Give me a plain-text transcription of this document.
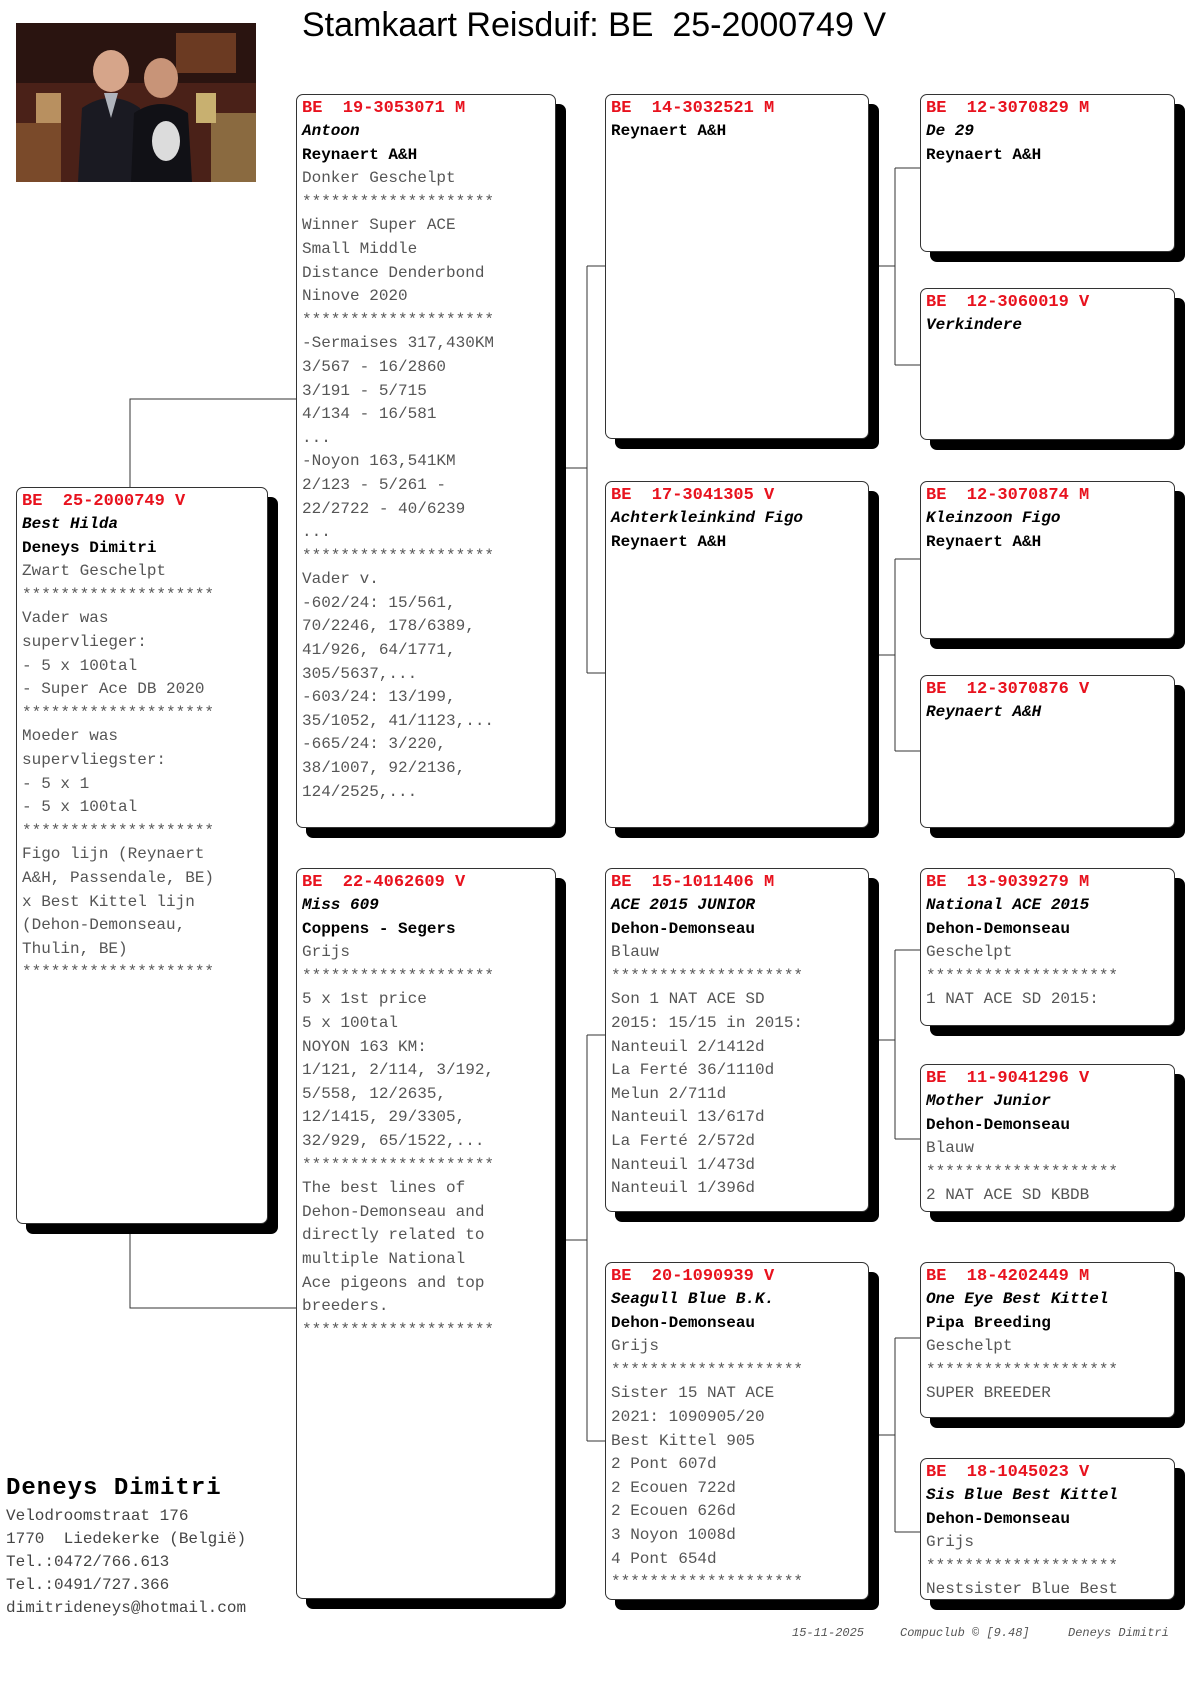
Stamkaart Reisduif: BE  25-2000749 V
BE  25-2000749 V
Best Hilda
Deneys Dimitri
Zwart Geschelpt
********************
Vader was
supervlieger:
- 5 x 100tal
- Super Ace DB 2020
********************
Moeder was
supervliegster:
- 5 x 1
- 5 x 100tal
********************
Figo lijn (Reynaert
A&H, Passendale, BE)
x Best Kittel lijn
(Dehon-Demonseau,
Thulin, BE)
********************
BE  19-3053071 M
Antoon
Reynaert A&H
Donker Geschelpt
********************
Winner Super ACE
Small Middle
Distance Denderbond
Ninove 2020
********************
-Sermaises 317,430KM
3/567 - 16/2860
3/191 - 5/715
4/134 - 16/581
...
-Noyon 163,541KM
2/123 - 5/261 -
22/2722 - 40/6239
...
********************
Vader v.
-602/24: 15/561,
70/2246, 178/6389,
41/926, 64/1771,
305/5637,...
-603/24: 13/199,
35/1052, 41/1123,...
-665/24: 3/220,
38/1007, 92/2136,
124/2525,...
BE  22-4062609 V
Miss 609
Coppens - Segers
Grijs
********************
5 x 1st price
5 x 100tal
NOYON 163 KM:
1/121, 2/114, 3/192,
5/558, 12/2635,
12/1415, 29/3305,
32/929, 65/1522,...
********************
The best lines of
Dehon-Demonseau and
directly related to
multiple National
Ace pigeons and top
breeders.
********************
BE  14-3032521 M
Reynaert A&H
BE  17-3041305 V
Achterkleinkind Figo
Reynaert A&H
BE  15-1011406 M
ACE 2015 JUNIOR
Dehon-Demonseau
Blauw
********************
Son 1 NAT ACE SD
2015: 15/15 in 2015:
Nanteuil 2/1412d
La Ferté 36/1110d
Melun 2/711d
Nanteuil 13/617d
La Ferté 2/572d
Nanteuil 1/473d
Nanteuil 1/396d
BE  20-1090939 V
Seagull Blue B.K.
Dehon-Demonseau
Grijs
********************
Sister 15 NAT ACE
2021: 1090905/20
Best Kittel 905
2 Pont 607d
2 Ecouen 722d
2 Ecouen 626d
3 Noyon 1008d
4 Pont 654d
********************
BE  12-3070829 M
De 29
Reynaert A&H
BE  12-3060019 V
Verkindere
BE  12-3070874 M
Kleinzoon Figo
Reynaert A&H
BE  12-3070876 V
Reynaert A&H
BE  13-9039279 M
National ACE 2015
Dehon-Demonseau
Geschelpt
********************
1 NAT ACE SD 2015:
BE  11-9041296 V
Mother Junior
Dehon-Demonseau
Blauw
********************
2 NAT ACE SD KBDB
BE  18-4202449 M
One Eye Best Kittel
Pipa Breeding
Geschelpt
********************
SUPER BREEDER
BE  18-1045023 V
Sis Blue Best Kittel
Dehon-Demonseau
Grijs
********************
Nestsister Blue Best
Deneys Dimitri
Velodroomstraat 176
1770  Liedekerke (België)
Tel.:0472/766.613
Tel.:0491/727.366
dimitrideneys@hotmail.com
15-11-2025	Compuclub © [9.48]	Deneys Dimitri
